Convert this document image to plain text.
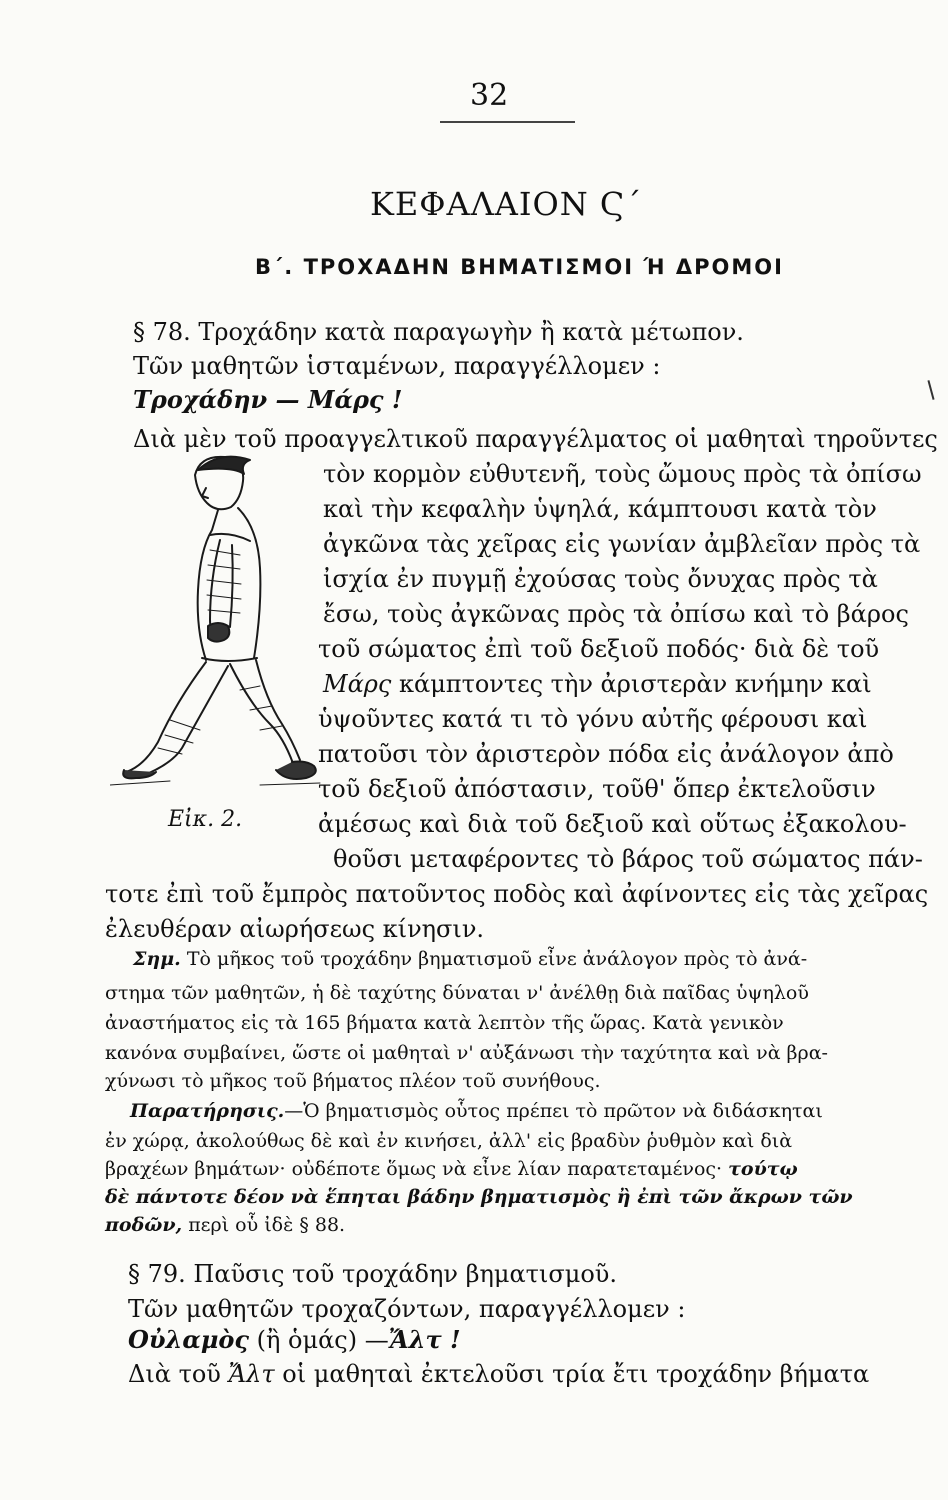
32
ΚΕΦΑΛΑΙΟΝ Ϛ΄
Β΄. ΤΡΟΧΑΔΗΝ ΒΗΜΑΤΙΣΜΟΙ Ή ΔΡΟΜΟΙ
§ 78. Τροχάδην κατὰ παραγωγὴν ἢ κατὰ μέτωπον.
Τῶν μαθητῶν ἱσταμένων, παραγγέλλομεν :
Τροχάδην — Μάρς !
Διὰ μὲν τοῦ προαγγελτικοῦ παραγγέλματος οἱ μαθηταὶ τηροῦντες
τὸν κορμὸν εὐθυτενῆ, τοὺς ὤμους πρὸς τὰ ὀπίσω
καὶ τὴν κεφαλὴν ὑψηλά, κάμπτουσι κατὰ τὸν
ἀγκῶνα τὰς χεῖρας εἰς γωνίαν ἀμβλεῖαν πρὸς τὰ
ἰσχία ἐν πυγμῇ ἐχούσας τοὺς ὄνυχας πρὸς τὰ
ἔσω, τοὺς ἀγκῶνας πρὸς τὰ ὀπίσω καὶ τὸ βάρος
τοῦ σώματος ἐπὶ τοῦ δεξιοῦ ποδός· διὰ δὲ τοῦ
Μάρς κάμπτοντες τὴν ἀριστερὰν κνήμην καὶ
ὑψοῦντες κατά τι τὸ γόνυ αὐτῆς φέρουσι καὶ
πατοῦσι τὸν ἀριστερὸν πόδα εἰς ἀνάλογον ἀπὸ
τοῦ δεξιοῦ ἀπόστασιν, τοῦθ' ὅπερ ἐκτελοῦσιν
ἀμέσως καὶ διὰ τοῦ δεξιοῦ καὶ οὕτως ἐξακολου-
θοῦσι μεταφέροντες τὸ βάρος τοῦ σώματος πάν-
τοτε ἐπὶ τοῦ ἔμπρὸς πατοῦντος ποδὸς καὶ ἀφίνοντες εἰς τὰς χεῖρας
ἐλευθέραν αἰωρήσεως κίνησιν.
Εἰκ. 2.
Σημ. Τὸ μῆκος τοῦ τροχάδην βηματισμοῦ εἶνε ἀνάλογον πρὸς τὸ ἀνά-
στημα τῶν μαθητῶν, ἡ δὲ ταχύτης δύναται ν' ἀνέλθῃ διὰ παῖδας ὑψηλοῦ
ἀναστήματος εἰς τὰ 165 βήματα κατὰ λεπτὸν τῆς ὥρας. Κατὰ γενικὸν
κανόνα συμβαίνει, ὥστε οἱ μαθηταὶ ν' αὐξάνωσι τὴν ταχύτητα καὶ νὰ βρα-
χύνωσι τὸ μῆκος τοῦ βήματος πλέον τοῦ συνήθους.
Παρατήρησις.—Ὁ βηματισμὸς οὗτος πρέπει τὸ πρῶτον νὰ διδάσκηται
ἐν χώρᾳ, ἀκολούθως δὲ καὶ ἐν κινήσει, ἀλλ' εἰς βραδὺν ῥυθμὸν καὶ διὰ
βραχέων βημάτων· οὐδέποτε ὅμως νὰ εἶνε λίαν παρατεταμένος· τούτῳ
δὲ πάντοτε δέον νὰ ἕπηται βάδην βηματισμὸς ἢ ἐπὶ τῶν ἄκρων τῶν
ποδῶν, περὶ οὗ ἰδὲ § 88.
§ 79. Παῦσις τοῦ τροχάδην βηματισμοῦ.
Τῶν μαθητῶν τροχαζόντων, παραγγέλλομεν :
Οὐλαμὸς (ἢ ὁμάς) —Ἄλτ !
Διὰ τοῦ Ἄλτ οἱ μαθηταὶ ἐκτελοῦσι τρία ἔτι τροχάδην βήματα
